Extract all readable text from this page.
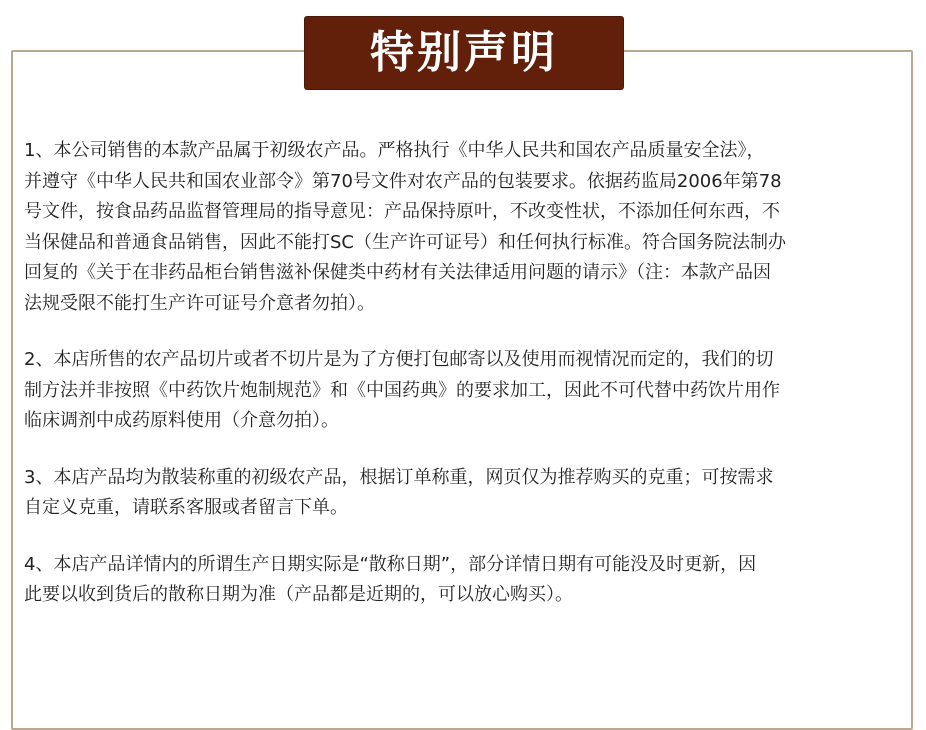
特别声明

1、本公司销售的本款产品属于初级农产品。严格执行《中华人民共和国农产品质量安全法》，
并遵守《中华人民共和国农业部令》第70号文件对农产品的包装要求。依据药监局2006年第78
号文件，按食品药品监督管理局的指导意见：产品保持原叶，不改变性状，不添加任何东西，不
当保健品和普通食品销售，因此不能打SC（生产许可证号）和任何执行标准。符合国务院法制办
回复的《关于在非药品柜台销售滋补保健类中药材有关法律适用问题的请示》（注：本款产品因
法规受限不能打生产许可证号介意者勿拍）。

2、本店所售的农产品切片或者不切片是为了方便打包邮寄以及使用而视情况而定的，我们的切
制方法并非按照《中药饮片炮制规范》和《中国药典》的要求加工，因此不可代替中药饮片用作
临床调剂中成药原料使用（介意勿拍）。

3、本店产品均为散装称重的初级农产品，根据订单称重，网页仅为推荐购买的克重；可按需求
自定义克重，请联系客服或者留言下单。

4、本店产品详情内的所谓生产日期实际是“散称日期”，部分详情日期有可能没及时更新，因
此要以收到货后的散称日期为准（产品都是近期的，可以放心购买）。
